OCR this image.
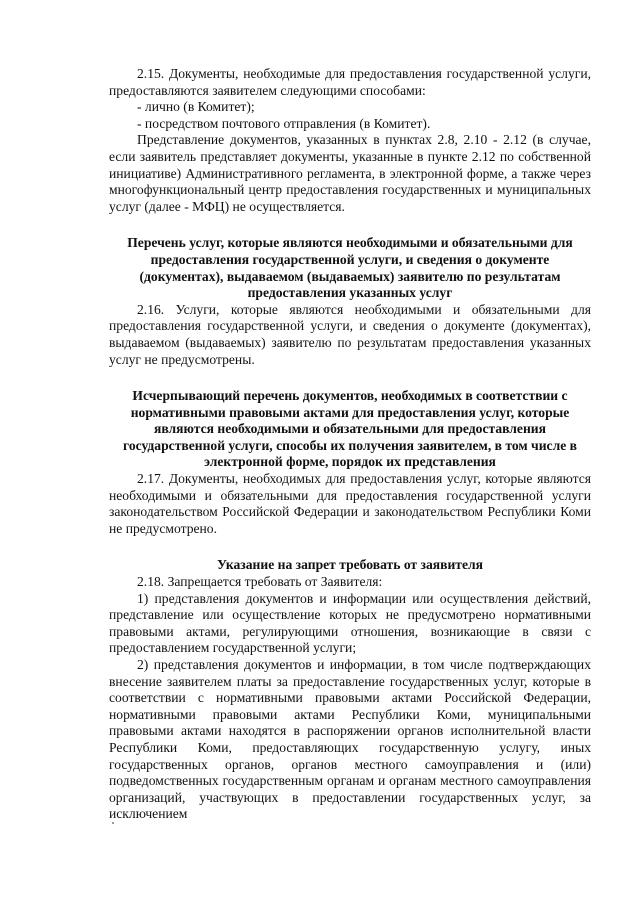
2.15. Документы, необходимые для предоставления государственной услуги, предоставляются заявителем следующими способами:

- лично (в Комитет);

- посредством почтового отправления (в Комитет).

Представление документов, указанных в пунктах 2.8, 2.10 - 2.12 (в случае, если заявитель представляет документы, указанные в пункте 2.12 по собственной инициативе) Административного регламента, в электронной форме, а также через многофункциональный центр предоставления государственных и муниципальных услуг (далее - МФЦ) не осуществляется.

Перечень услуг, которые являются необходимыми и обязательными для предоставления государственной услуги, и сведения о документе (документах), выдаваемом (выдаваемых) заявителю по результатам предоставления указанных услуг

2.16. Услуги, которые являются необходимыми и обязательными для предоставления государственной услуги, и сведения о документе (документах), выдаваемом (выдаваемых) заявителю по результатам предоставления указанных услуг не предусмотрены.

Исчерпывающий перечень документов, необходимых в соответствии с нормативными правовыми актами для предоставления услуг, которые являются необходимыми и обязательными для предоставления государственной услуги, способы их получения заявителем, в том числе в электронной форме, порядок их представления

2.17. Документы, необходимых для предоставления услуг, которые являются необходимыми и обязательными для предоставления государственной услуги законодательством Российской Федерации и законодательством Республики Коми не предусмотрено.

Указание на запрет требовать от заявителя

2.18. Запрещается требовать от Заявителя:

1) представления документов и информации или осуществления действий, представление или осуществление которых не предусмотрено нормативными правовыми актами, регулирующими отношения, возникающие в связи с предоставлением государственной услуги;

2) представления документов и информации, в том числе подтверждающих внесение заявителем платы за предоставление государственных услуг, которые в соответствии с нормативными правовыми актами Российской Федерации, нормативными правовыми актами Республики Коми, муниципальными правовыми актами находятся в распоряжении органов исполнительной власти Республики Коми, предоставляющих государственную услугу, иных государственных органов, органов местного самоуправления и (или) подведомственных государственным органам и органам местного самоуправления организаций, участвующих в предоставлении государственных услуг, за исключением
